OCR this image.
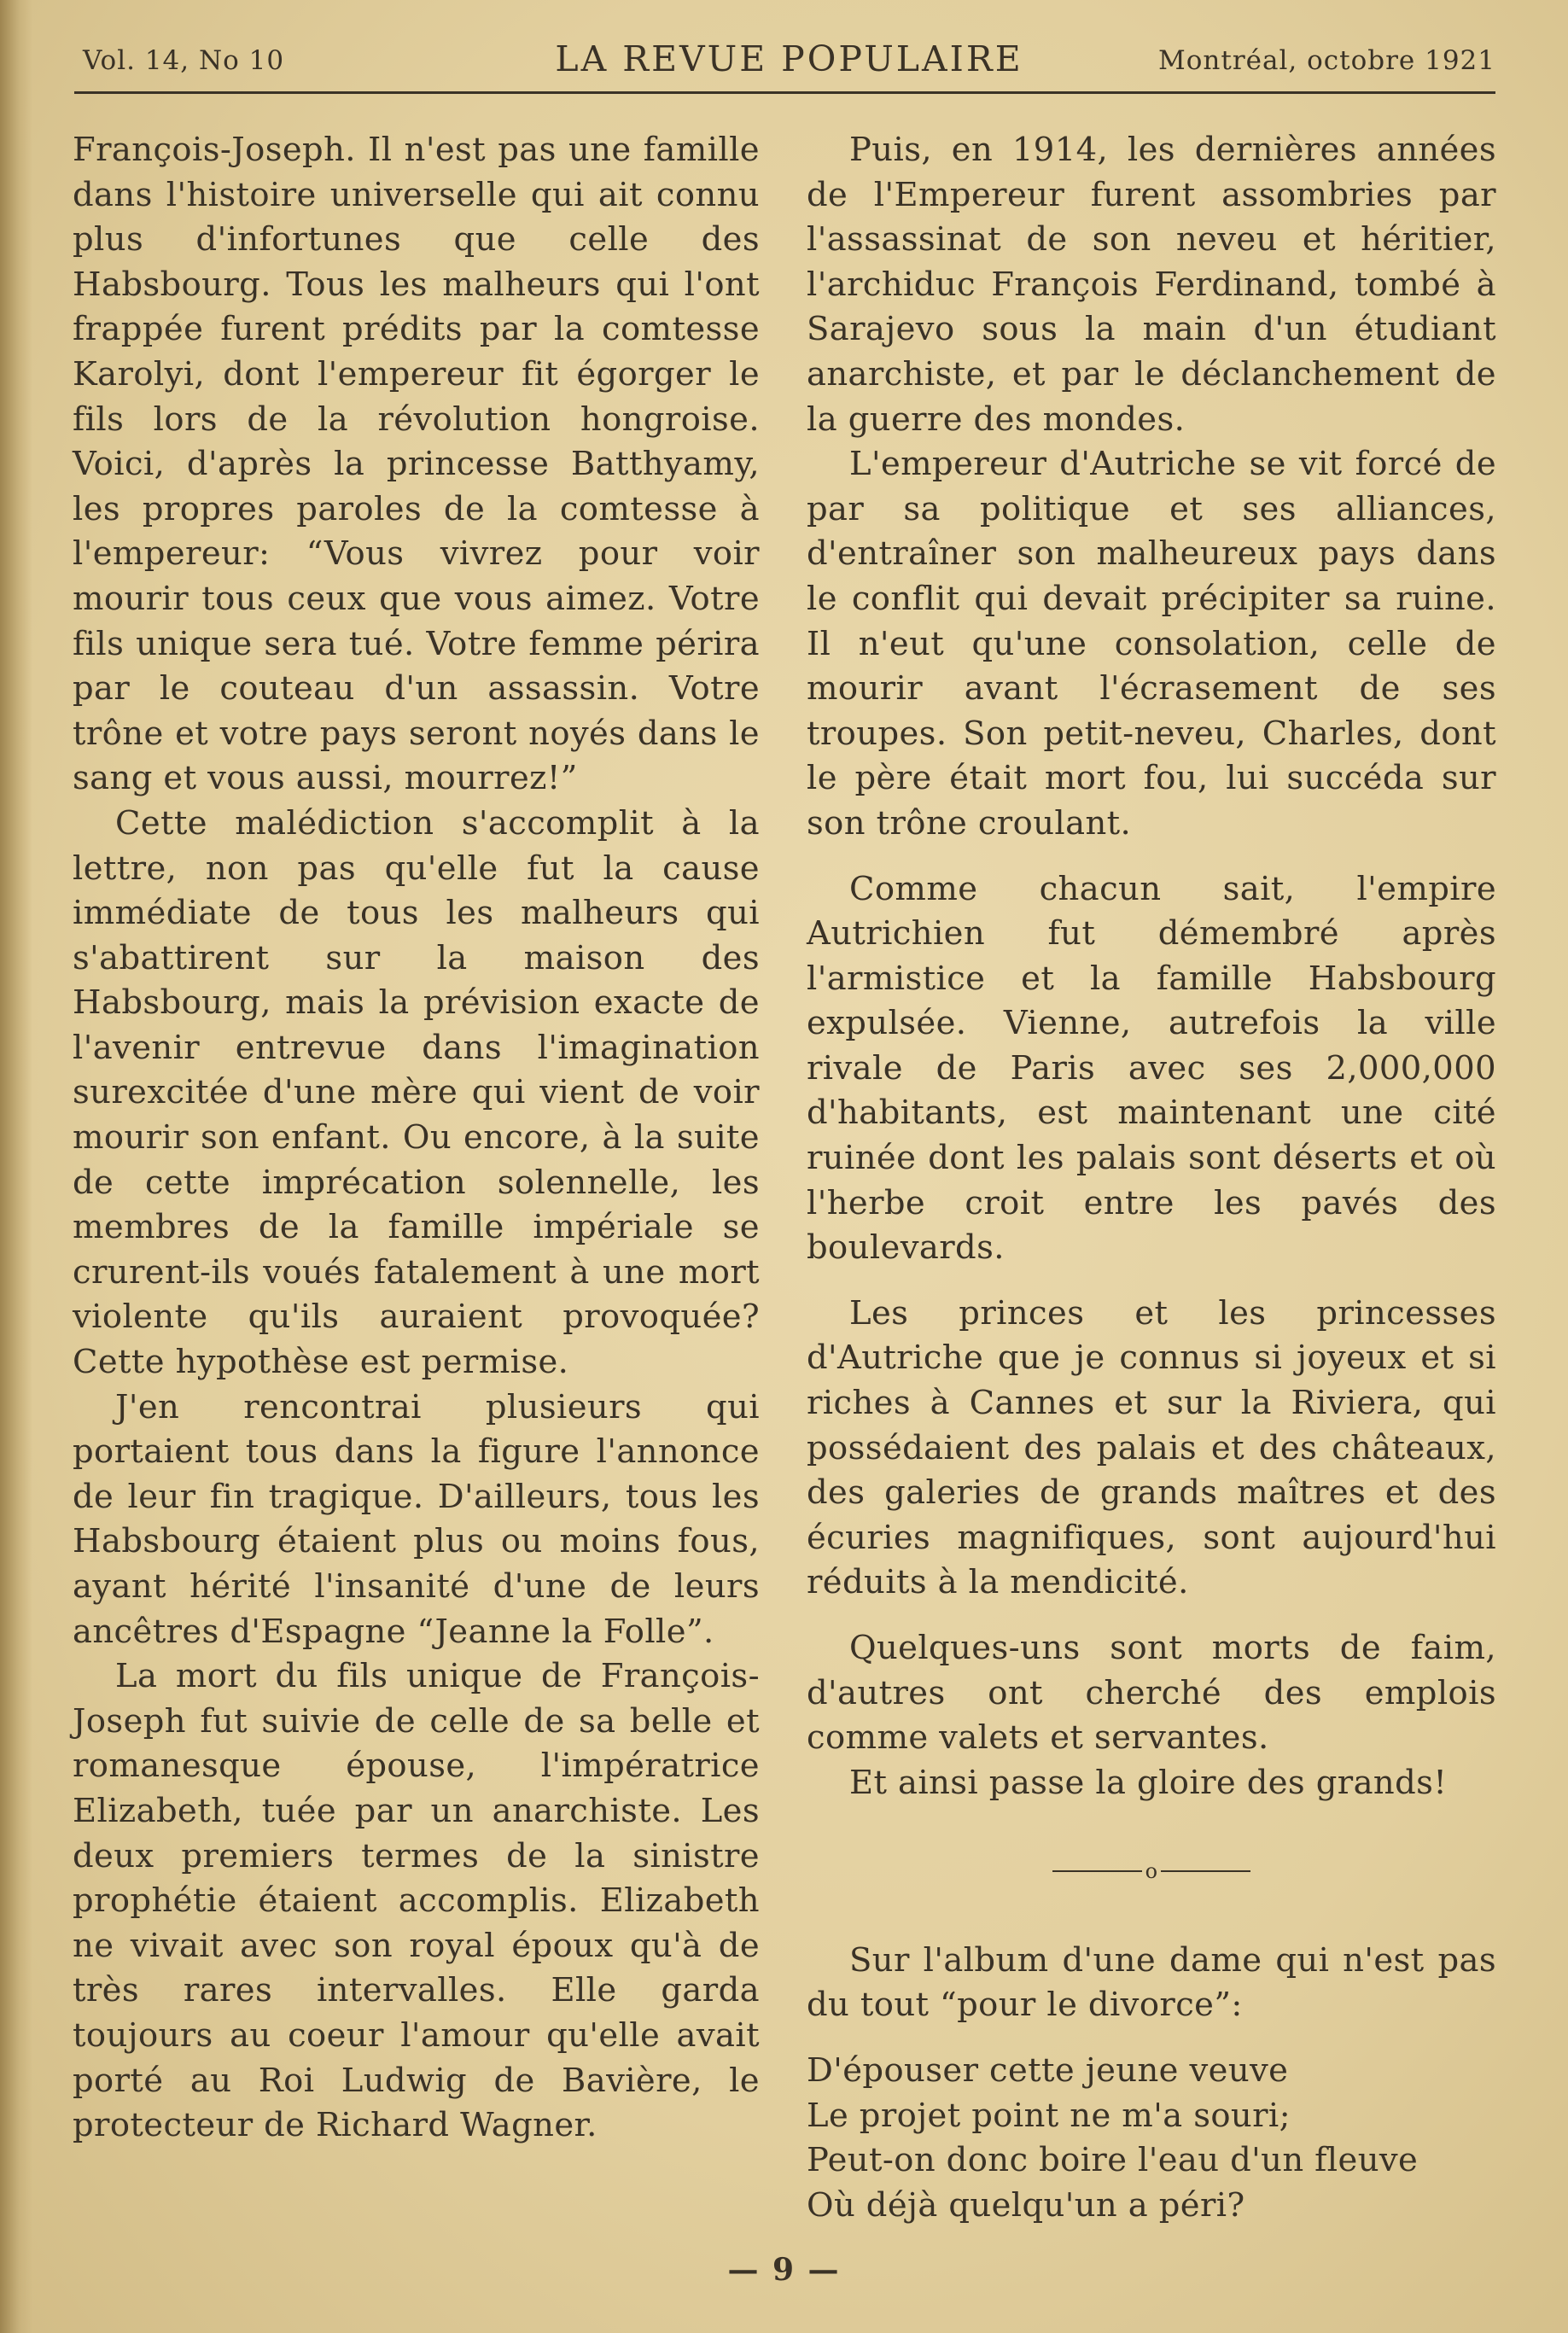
Vol. 14, No 10	LA REVUE POPULAIRE	Montréal, octobre 1921

François-Joseph. Il n'est pas une famille dans l'histoire universelle qui ait connu plus d'infortunes que celle des Habsbourg. Tous les malheurs qui l'ont frappée furent prédits par la comtesse Karolyi, dont l'empereur fit égorger le fils lors de la révolution hongroise. Voici, d'après la princesse Batthyamy, les propres paroles de la comtesse à l'empereur: “Vous vivrez pour voir mourir tous ceux que vous aimez. Votre fils unique sera tué. Votre femme périra par le couteau d'un assassin. Votre trône et votre pays seront noyés dans le sang et vous aussi, mourrez!”

Cette malédiction s'accomplit à la lettre, non pas qu'elle fut la cause immédiate de tous les malheurs qui s'abattirent sur la maison des Habsbourg, mais la prévision exacte de l'avenir entrevue dans l'imagination surexcitée d'une mère qui vient de voir mourir son enfant. Ou encore, à la suite de cette imprécation solennelle, les membres de la famille impériale se crurent-ils voués fatalement à une mort violente qu'ils auraient provoquée? Cette hypothèse est permise.

J'en rencontrai plusieurs qui portaient tous dans la figure l'annonce de leur fin tragique. D'ailleurs, tous les Habsbourg étaient plus ou moins fous, ayant hérité l'insanité d'une de leurs ancêtres d'Espagne “Jeanne la Folle”.

La mort du fils unique de François-Joseph fut suivie de celle de sa belle et romanesque épouse, l'impératrice Elizabeth, tuée par un anarchiste. Les deux premiers termes de la sinistre prophétie étaient accomplis. Elizabeth ne vivait avec son royal époux qu'à de très rares intervalles. Elle garda toujours au coeur l'amour qu'elle avait porté au Roi Ludwig de Bavière, le protecteur de Richard Wagner.

Puis, en 1914, les dernières années de l'Empereur furent assombries par l'assassinat de son neveu et héritier, l'archiduc François Ferdinand, tombé à Sarajevo sous la main d'un étudiant anarchiste, et par le déclanchement de la guerre des mondes.

L'empereur d'Autriche se vit forcé de par sa politique et ses alliances, d'entraîner son malheureux pays dans le conflit qui devait précipiter sa ruine. Il n'eut qu'une consolation, celle de mourir avant l'écrasement de ses troupes. Son petit-neveu, Charles, dont le père était mort fou, lui succéda sur son trône croulant.

Comme chacun sait, l'empire Autrichien fut démembré après l'armistice et la famille Habsbourg expulsée. Vienne, autrefois la ville rivale de Paris avec ses 2,000,000 d'habitants, est maintenant une cité ruinée dont les palais sont déserts et où l'herbe croit entre les pavés des boulevards.

Les princes et les princesses d'Autriche que je connus si joyeux et si riches à Cannes et sur la Riviera, qui possédaient des palais et des châteaux, des galeries de grands maîtres et des écuries magnifiques, sont aujourd'hui réduits à la mendicité.

Quelques-uns sont morts de faim, d'autres ont cherché des emplois comme valets et servantes.

Et ainsi passe la gloire des grands!

o

Sur l'album d'une dame qui n'est pas du tout “pour le divorce”:

D'épouser cette jeune veuve

Le projet point ne m'a souri;

Peut-on donc boire l'eau d'un fleuve

Où déjà quelqu'un a péri?

— 9 —
